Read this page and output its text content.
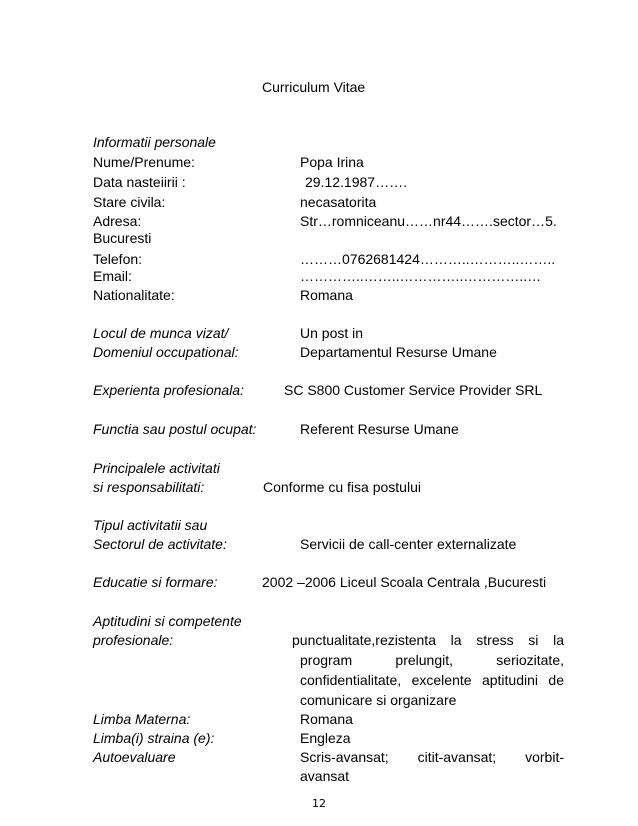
Curriculum Vitae
Informatii personale
Nume/Prenume:	Popa Irina
Data nasteiirii :	29.12.1987…….
Stare civila:	necasatorita
Adresa:	Str…romniceanu……nr44…….sector…5.
Bucuresti
Telefon:	………0762681424………..………..……..
Email:	…………..……..…………..…………..…
Nationalitate:	Romana
Locul de munca vizat/	Un post in
Domeniul occupational:	Departamentul Resurse Umane
Experienta profesionala:	SC S800 Customer Service Provider SRL
Functia sau postul ocupat:	Referent Resurse Umane
Principalele activitati
si responsabilitati:	Conforme cu fisa postului
Tipul activitatii sau
Sectorul de activitate:	Servicii de call-center externalizate
Educatie si formare:	2002 –2006 Liceul Scoala Centrala ,Bucuresti
Aptitudini si competente
profesionale:	punctualitate,rezistenta la stress si la
program prelungit, seriozitate,
confidentialitate, excelente aptitudini de
comunicare si organizare
Limba Materna:	Romana
Limba(i) straina (e):	Engleza
Autoevaluare	Scris-avansat; citit-avansat; vorbit-
avansat
12
